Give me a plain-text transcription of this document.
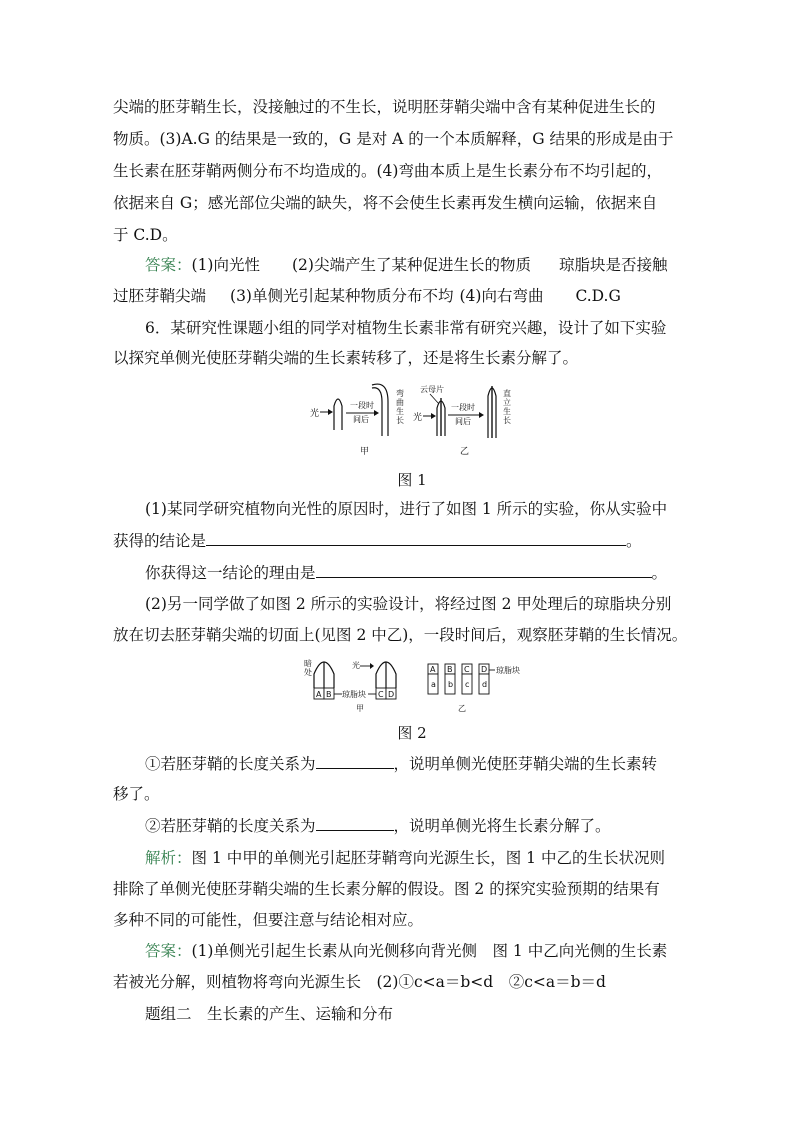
尖端的胚芽鞘生长，没接触过的不生长，说明胚芽鞘尖端中含有某种促进生长的
物质。(3)A.G 的结果是一致的，G 是对 A 的一个本质解释，G 结果的形成是由于
生长素在胚芽鞘两侧分布不均造成的。(4)弯曲本质上是生长素分布不均引起的，
依据来自 G；感光部位尖端的缺失，将不会使生长素再发生横向运输，依据来自
于 C.D。
答案：(1)向光性 (2)尖端产生了某种促进生长的物质 琼脂块是否接触
过胚芽鞘尖端 (3)单侧光引起某种物质分布不均 (4)向右弯曲 C.D.G
6．某研究性课题小组的同学对植物生长素非常有研究兴趣，设计了如下实验
以探究单侧光使胚芽鞘尖端的生长素转移了，还是将生长素分解了。
光
一段时
间后
弯曲生长
甲
云母片
光
一段时
间后
直立生长
乙
图 1
(1)某同学研究植物向光性的原因时，进行了如图 1 所示的实验，你从实验中
获得的结论是	。
你获得这一结论的理由是	。
(2)另一同学做了如图 2 所示的实验设计，将经过图 2 甲处理后的琼脂块分别
放在切去胚芽鞘尖端的切面上(见图 2 中乙)，一段时间后，观察胚芽鞘的生长情况。
暗处
A B 琼脂块
光
C D
甲
A B C D
a b c d
琼脂块
乙
图 2
①若胚芽鞘的长度关系为	，说明单侧光使胚芽鞘尖端的生长素转
移了。
②若胚芽鞘的长度关系为	，说明单侧光将生长素分解了。
解析：图 1 中甲的单侧光引起胚芽鞘弯向光源生长，图 1 中乙的生长状况则
排除了单侧光使胚芽鞘尖端的生长素分解的假设。图 2 的探究实验预期的结果有
多种不同的可能性，但要注意与结论相对应。
答案：(1)单侧光引起生长素从向光侧移向背光侧　图 1 中乙向光侧的生长素
若被光分解，则植物将弯向光源生长　(2)①c<a＝b<d　②c<a＝b＝d
题组二　生长素的产生、运输和分布
